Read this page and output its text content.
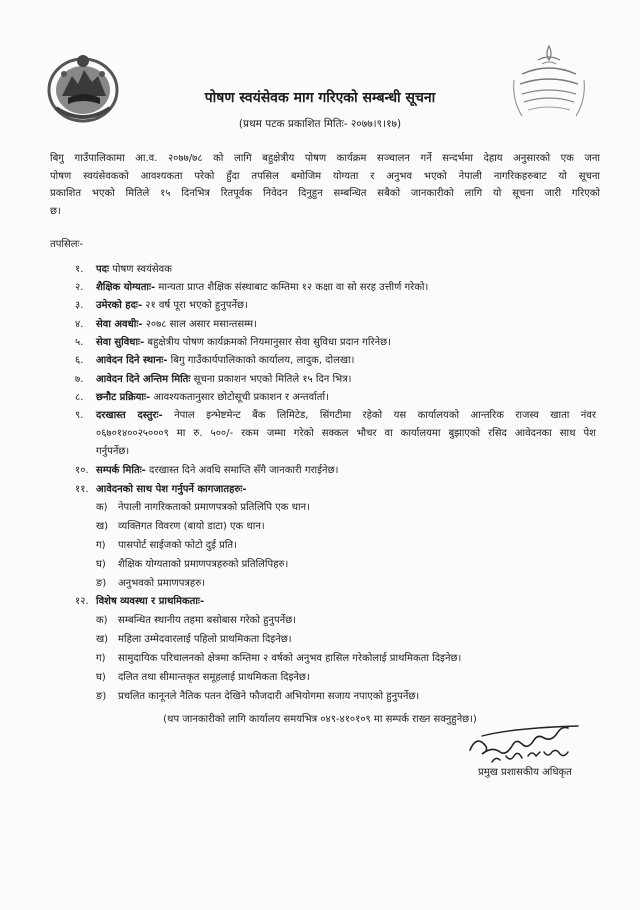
पोषण स्वयंसेवक माग गरिएको सम्बन्धी सूचना
(प्रथम पटक प्रकाशित मितिः- २०७७।९।१७)
बिगु गाउँपालिकामा आ.व. २०७७/७८ को लागि बहुक्षेत्रीय पोषण कार्यक्रम सञ्चालन गर्ने सन्दर्भमा देहाय अनुसारको एक जना
पोषण स्वयंसेवकको आवश्यकता परेको हुँदा तपसिल बमोजिम योग्यता र अनुभव भएको नेपाली नागरिकहरुबाट यो सूचना
प्रकाशित भएको मितिले १५ दिनभित्र रितपूर्वक निवेदन दिनुहुन सम्बन्धित सबैको जानकारीको लागि यो सूचना जारी गरिएको
छ।
तपसिलः-
१. पदः पोषण स्वयंसेवक
२. शैक्षिक योग्यताः- मान्यता प्राप्त शैक्षिक संस्थाबाट कम्तिमा १२ कक्षा वा सो सरह उत्तीर्ण गरेको।
३. उमेरको हदः- २१ वर्ष पूरा भएको हुनुपर्नेछ।
४. सेवा अवधीः- २०७८ साल असार मसान्तसम्म।
५. सेवा सुविधाः- बहुक्षेत्रीय पोषण कार्यक्रमको नियमानुसार सेवा सुविधा प्रदान गरिनेछ।
६. आवेदन दिने स्थानः- बिगु गाउँकार्यपालिकाको कार्यालय, लादुक, दोलखा।
७. आवेदन दिने अन्तिम मितिः सूचना प्रकाशन भएको मितिले १५ दिन भित्र।
८. छनौट प्रक्रियाः- आवश्यकतानुसार छोटोसूची प्रकाशन र अन्तर्वार्ता।
९. दरखास्त दस्तुरः- नेपाल इन्भेष्टमेन्ट बैंक लिमिटेड, सिंगटीमा रहेको यस कार्यालयको आन्तरिक राजस्व खाता नंवर
०६७०१४००२५०००९ मा रु. ५००/- रकम जम्मा गरेको सक्कल भौचर वा कार्यालयमा बुझाएको रसिद आवेदनका साथ पेश
गर्नुपर्नेछ।
१०. सम्पर्क मितिः- दरखास्त दिने अवधि समाप्ति सँगै जानकारी गराईनेछ।
११. आवेदनको साथ पेश गर्नुपर्ने कागजातहरुः-
क) नेपाली नागरिकताको प्रमाणपत्रको प्रतिलिपि एक थान।
ख) व्यक्तिगत विवरण (बायो डाटा) एक थान।
ग) पासपोर्ट साईजको फोटो दुई प्रति।
घ) शैक्षिक योग्यताको प्रमाणपत्रहरुको प्रतिलिपिहरु।
ङ) अनुभवको प्रमाणपत्रहरु।
१२. विशेष व्यवस्था र प्राथमिकताः-
क) सम्बन्धित स्थानीय तहमा बसोबास गरेको हुनुपर्नेछ।
ख) महिला उम्मेदवारलाई पहिलो प्राथमिकता दिइनेछ।
ग) सामुदायिक परिचालनको क्षेत्रमा कम्तिमा २ वर्षको अनुभव हासिल गरेकोलाई प्राथमिकता दिइनेछ।
घ) दलित तथा सीमान्तकृत समूहलाई प्राथमिकता दिइनेछ।
ङ) प्रचलित कानूनले नैतिक पतन देखिने फौजदारी अभियोगमा सजाय नपाएको हुनुपर्नेछ।
(थप जानकारीको लागि कार्यालय समयभित्र ०४९-४१०१०९ मा सम्पर्क राख्न सक्नुहुनेछ।)
प्रमुख प्रशासकीय अधिकृत
